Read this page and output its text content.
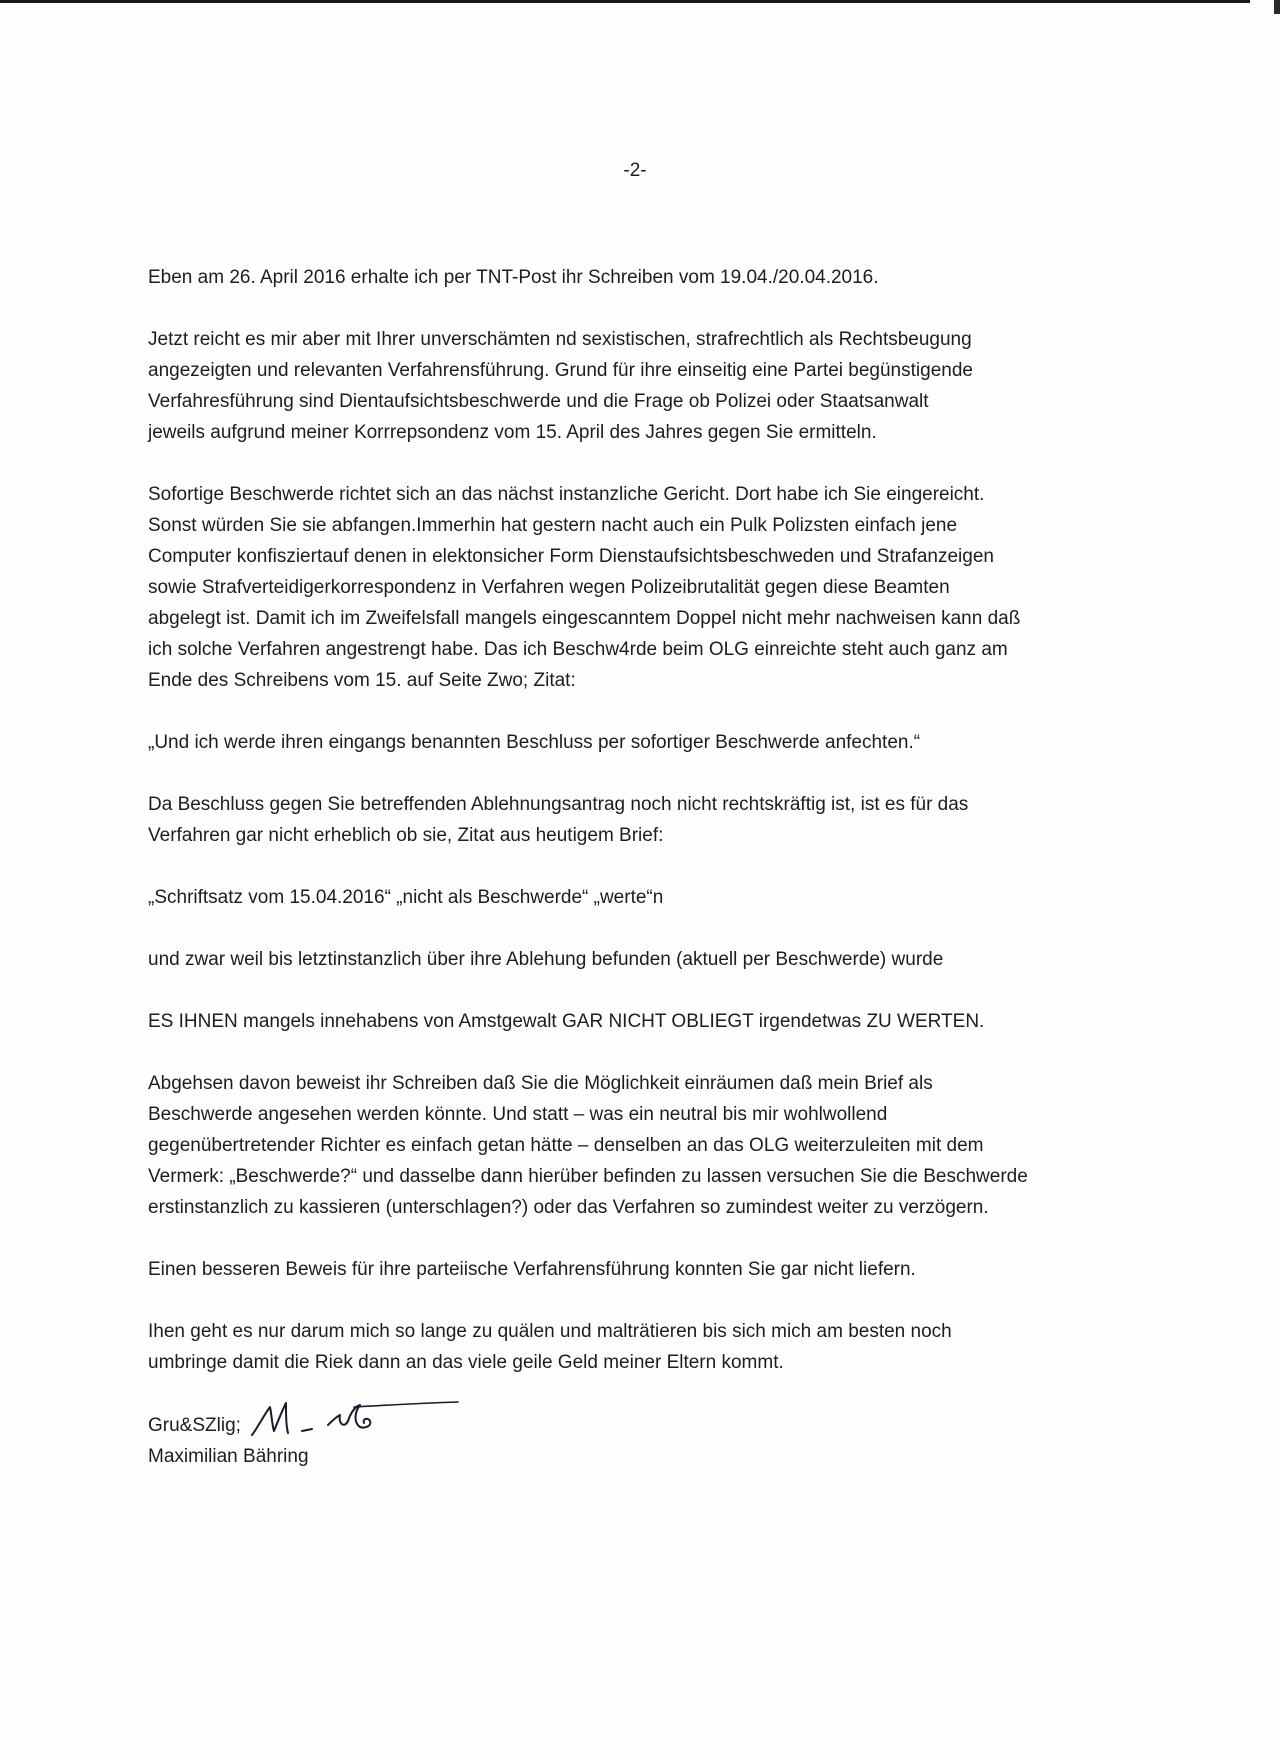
-2-

Eben am 26. April 2016 erhalte ich per TNT-Post ihr Schreiben vom 19.04./20.04.2016.

Jetzt reicht es mir aber mit Ihrer unverschämten nd sexistischen, strafrechtlich als Rechtsbeugung
angezeigten und relevanten Verfahrensführung. Grund für ihre einseitig eine Partei begünstigende
Verfahresführung sind Dientaufsichtsbeschwerde und die Frage ob Polizei oder Staatsanwalt
jeweils aufgrund meiner Korrrepsondenz vom 15. April des Jahres gegen Sie ermitteln.

Sofortige Beschwerde richtet sich an das nächst instanzliche Gericht. Dort habe ich Sie eingereicht.
Sonst würden Sie sie abfangen.Immerhin hat gestern nacht auch ein Pulk Polizsten einfach jene
Computer konfisziertauf denen in elektonsicher Form Dienstaufsichtsbeschweden und Strafanzeigen
sowie Strafverteidigerkorrespondenz in Verfahren wegen Polizeibrutalität gegen diese Beamten
abgelegt ist. Damit ich im Zweifelsfall mangels eingescanntem Doppel nicht mehr nachweisen kann daß
ich solche Verfahren angestrengt habe. Das ich Beschw4rde beim OLG einreichte steht auch ganz am
Ende des Schreibens vom 15. auf Seite Zwo; Zitat:

„Und ich werde ihren eingangs benannten Beschluss per sofortiger Beschwerde anfechten.“

Da Beschluss gegen Sie betreffenden Ablehnungsantrag noch nicht rechtskräftig ist, ist es für das
Verfahren gar nicht erheblich ob sie, Zitat aus heutigem Brief:

„Schriftsatz vom 15.04.2016“ „nicht als Beschwerde“ „werte“n

und zwar weil bis letztinstanzlich über ihre Ablehung befunden (aktuell per Beschwerde) wurde

ES IHNEN mangels innehabens von Amstgewalt GAR NICHT OBLIEGT irgendetwas ZU WERTEN.

Abgehsen davon beweist ihr Schreiben daß Sie die Möglichkeit einräumen daß mein Brief als
Beschwerde angesehen werden könnte. Und statt – was ein neutral bis mir wohlwollend
gegenübertretender Richter es einfach getan hätte – denselben an das OLG weiterzuleiten mit dem
Vermerk: „Beschwerde?“ und dasselbe dann hierüber befinden zu lassen versuchen Sie die Beschwerde
erstinstanzlich zu kassieren (unterschlagen?) oder das Verfahren so zumindest weiter zu verzögern.

Einen besseren Beweis für ihre parteiische Verfahrensführung konnten Sie gar nicht liefern.

Ihen geht es nur darum mich so lange zu quälen und malträtieren bis sich mich am besten noch
umbringe damit die Riek dann an das viele geile Geld meiner Eltern kommt.

Gru&SZlig;
Maximilian Bähring
